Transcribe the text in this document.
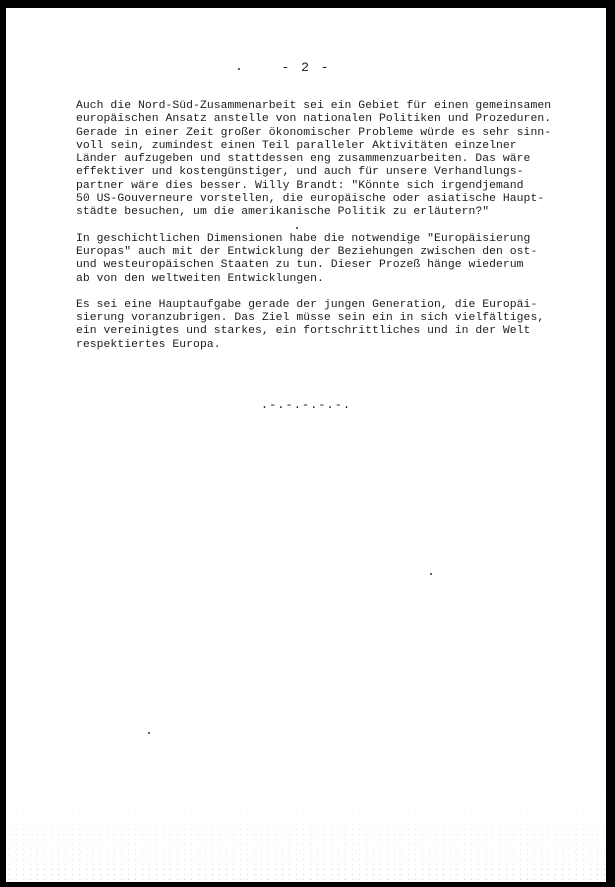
- 2 -
Auch die Nord-Süd-Zusammenarbeit sei ein Gebiet für einen gemeinsamen
europäischen Ansatz anstelle von nationalen Politiken und Prozeduren.
Gerade in einer Zeit großer ökonomischer Probleme würde es sehr sinn-
voll sein, zumindest einen Teil paralleler Aktivitäten einzelner
Länder aufzugeben und stattdessen eng zusammenzuarbeiten. Das wäre
effektiver und kostengünstiger, und auch für unsere Verhandlungs-
partner wäre dies besser. Willy Brandt: "Könnte sich irgendjemand
50 US-Gouverneure vorstellen, die europäische oder asiatische Haupt-
städte besuchen, um die amerikanische Politik zu erläutern?"
In geschichtlichen Dimensionen habe die notwendige "Europäisierung
Europas" auch mit der Entwicklung der Beziehungen zwischen den ost-
und westeuropäischen Staaten zu tun. Dieser Prozeß hänge wiederum
ab von den weltweiten Entwicklungen.
Es sei eine Hauptaufgabe gerade der jungen Generation, die Europäi-
sierung voranzubrigen. Das Ziel müsse sein ein in sich vielfältiges,
ein vereinigtes und starkes, ein fortschrittliches und in der Welt
respektiertes Europa.
.-.-.-.-.-.
